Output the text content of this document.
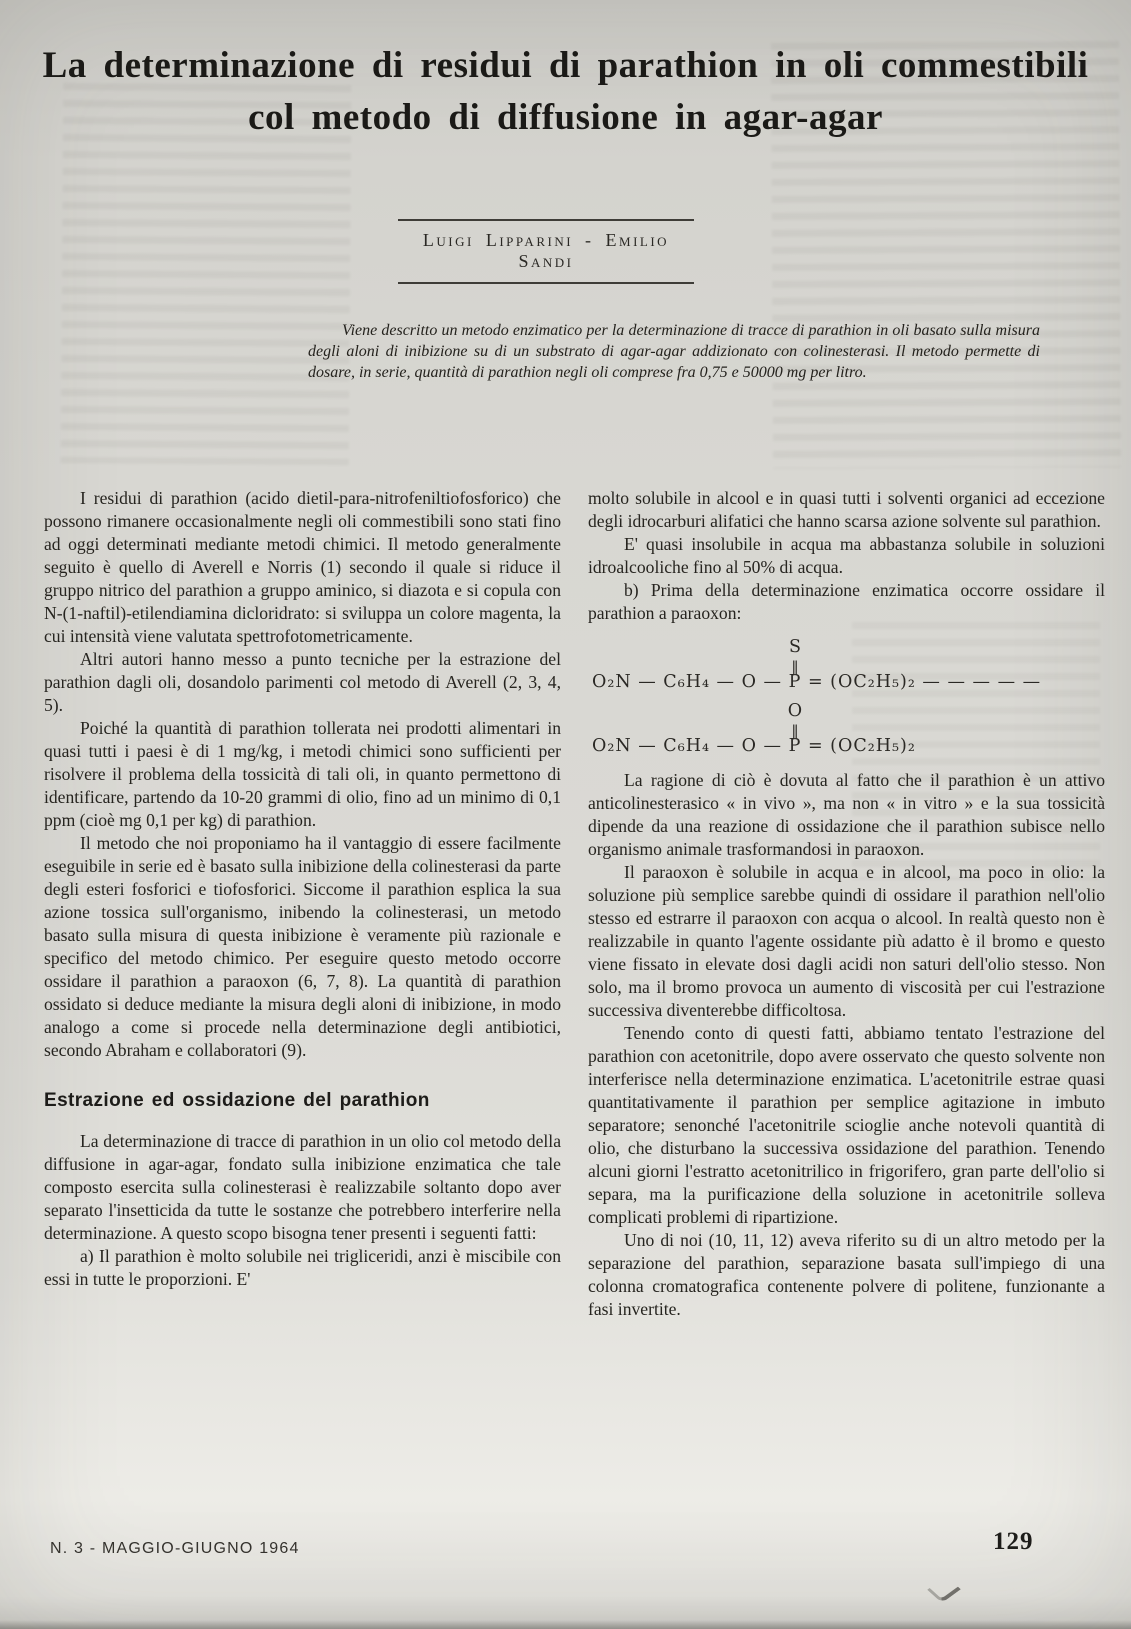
La determinazione di residui di parathion in oli commestibili
col metodo di diffusione in agar-agar
Luigi Lipparini - Emilio Sandi

Viene descritto un metodo enzimatico per la determinazione di tracce di parathion in oli basato sulla misura degli aloni di inibizione su di un substrato di agar-agar addizionato con colinesterasi. Il metodo permette di dosare, in serie, quantità di parathion negli oli comprese fra 0,75 e 50000 mg per litro.

I residui di parathion (acido dietil-para-nitrofeniltiofosforico) che possono rimanere occasionalmente negli oli commestibili sono stati fino ad oggi determinati mediante metodi chimici. Il metodo generalmente seguito è quello di Averell e Norris (1) secondo il quale si riduce il gruppo nitrico del parathion a gruppo aminico, si diazota e si copula con N-(1-naftil)-etilendiamina dicloridrato: si sviluppa un colore magenta, la cui intensità viene valutata spettrofotometricamente.

Altri autori hanno messo a punto tecniche per la estrazione del parathion dagli oli, dosandolo parimenti col metodo di Averell (2, 3, 4, 5).

Poiché la quantità di parathion tollerata nei prodotti alimentari in quasi tutti i paesi è di 1 mg/kg, i metodi chimici sono sufficienti per risolvere il problema della tossicità di tali oli, in quanto permettono di identificare, partendo da 10-20 grammi di olio, fino ad un minimo di 0,1 ppm (cioè mg 0,1 per kg) di parathion.

Il metodo che noi proponiamo ha il vantaggio di essere facilmente eseguibile in serie ed è basato sulla inibizione della colinesterasi da parte degli esteri fosforici e tiofosforici. Siccome il parathion esplica la sua azione tossica sull'organismo, inibendo la colinesterasi, un metodo basato sulla misura di questa inibizione è veramente più razionale e specifico del metodo chimico. Per eseguire questo metodo occorre ossidare il parathion a paraoxon (6, 7, 8). La quantità di parathion ossidato si deduce mediante la misura degli aloni di inibizione, in modo analogo a come si procede nella determinazione degli antibiotici, secondo Abraham e collaboratori (9).

Estrazione ed ossidazione del parathion

La determinazione di tracce di parathion in un olio col metodo della diffusione in agar-agar, fondato sulla inibizione enzimatica che tale composto esercita sulla colinesterasi è realizzabile soltanto dopo aver separato l'insetticida da tutte le sostanze che potrebbero interferire nella determinazione. A questo scopo bisogna tener presenti i seguenti fatti:

a) Il parathion è molto solubile nei trigliceridi, anzi è miscibile con essi in tutte le proporzioni. E'

molto solubile in alcool e in quasi tutti i solventi organici ad eccezione degli idrocarburi alifatici che hanno scarsa azione solvente sul parathion.

E' quasi insolubile in acqua ma abbastanza solubile in soluzioni idroalcooliche fino al 50% di acqua.

b) Prima della determinazione enzimatica occorre ossidare il parathion a paraoxon:

O₂N — C₆H₄ — O —
S
‖
P = (OC₂H₅)₂ — — — — —
O₂N — C₆H₄ — O —
O
‖
P = (OC₂H₅)₂

La ragione di ciò è dovuta al fatto che il parathion è un attivo anticolinesterasico « in vivo », ma non « in vitro » e la sua tossicità dipende da una reazione di ossidazione che il parathion subisce nello organismo animale trasformandosi in paraoxon.

Il paraoxon è solubile in acqua e in alcool, ma poco in olio: la soluzione più semplice sarebbe quindi di ossidare il parathion nell'olio stesso ed estrarre il paraoxon con acqua o alcool. In realtà questo non è realizzabile in quanto l'agente ossidante più adatto è il bromo e questo viene fissato in elevate dosi dagli acidi non saturi dell'olio stesso. Non solo, ma il bromo provoca un aumento di viscosità per cui l'estrazione successiva diventerebbe difficoltosa.

Tenendo conto di questi fatti, abbiamo tentato l'estrazione del parathion con acetonitrile, dopo avere osservato che questo solvente non interferisce nella determinazione enzimatica. L'acetonitrile estrae quasi quantitativamente il parathion per semplice agitazione in imbuto separatore; senonché l'acetonitrile scioglie anche notevoli quantità di olio, che disturbano la successiva ossidazione del parathion. Tenendo alcuni giorni l'estratto acetonitrilico in frigorifero, gran parte dell'olio si separa, ma la purificazione della soluzione in acetonitrile solleva complicati problemi di ripartizione.

Uno di noi (10, 11, 12) aveva riferito su di un altro metodo per la separazione del parathion, separazione basata sull'impiego di una colonna cromatografica contenente polvere di politene, funzionante a fasi invertite.

N. 3 - MAGGIO-GIUGNO 1964	129
